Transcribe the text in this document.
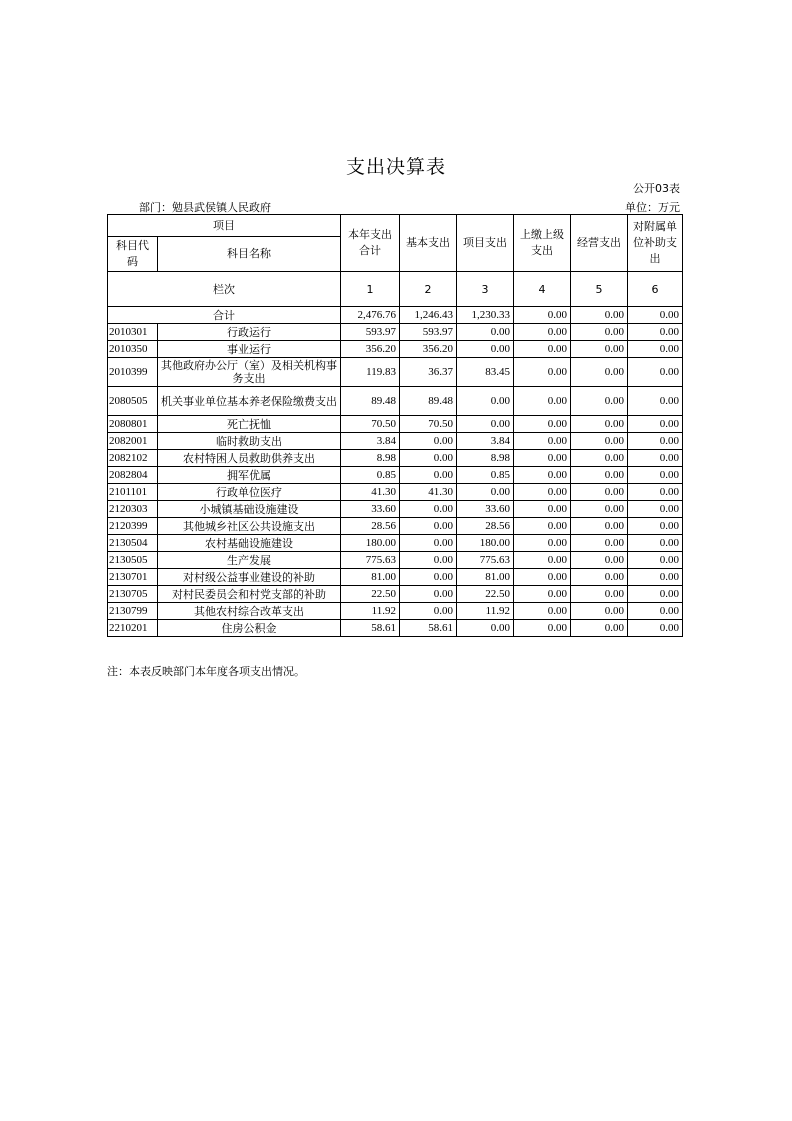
支出决算表
公开03表
部门：勉县武侯镇人民政府	单位：万元
项目		本年支出合计	基本支出	项目支出	上缴上级支出	经营支出	对附属单位补助支出
科目代码	科目名称						
栏次		1	2	3	4	5	6
合计		2,476.76	1,246.43	1,230.33	0.00	0.00	0.00
2010301	行政运行	593.97	593.97	0.00	0.00	0.00	0.00
2010350	事业运行	356.20	356.20	0.00	0.00	0.00	0.00
2010399	其他政府办公厅（室）及相关机构事务支出	119.83	36.37	83.45	0.00	0.00	0.00
2080505	机关事业单位基本养老保险缴费支出	89.48	89.48	0.00	0.00	0.00	0.00
2080801	死亡抚恤	70.50	70.50	0.00	0.00	0.00	0.00
2082001	临时救助支出	3.84	0.00	3.84	0.00	0.00	0.00
2082102	农村特困人员救助供养支出	8.98	0.00	8.98	0.00	0.00	0.00
2082804	拥军优属	0.85	0.00	0.85	0.00	0.00	0.00
2101101	行政单位医疗	41.30	41.30	0.00	0.00	0.00	0.00
2120303	小城镇基础设施建设	33.60	0.00	33.60	0.00	0.00	0.00
2120399	其他城乡社区公共设施支出	28.56	0.00	28.56	0.00	0.00	0.00
2130504	农村基础设施建设	180.00	0.00	180.00	0.00	0.00	0.00
2130505	生产发展	775.63	0.00	775.63	0.00	0.00	0.00
2130701	对村级公益事业建设的补助	81.00	0.00	81.00	0.00	0.00	0.00
2130705	对村民委员会和村党支部的补助	22.50	0.00	22.50	0.00	0.00	0.00
2130799	其他农村综合改革支出	11.92	0.00	11.92	0.00	0.00	0.00
2210201	住房公积金	58.61	58.61	0.00	0.00	0.00	0.00
注：本表反映部门本年度各项支出情况。
